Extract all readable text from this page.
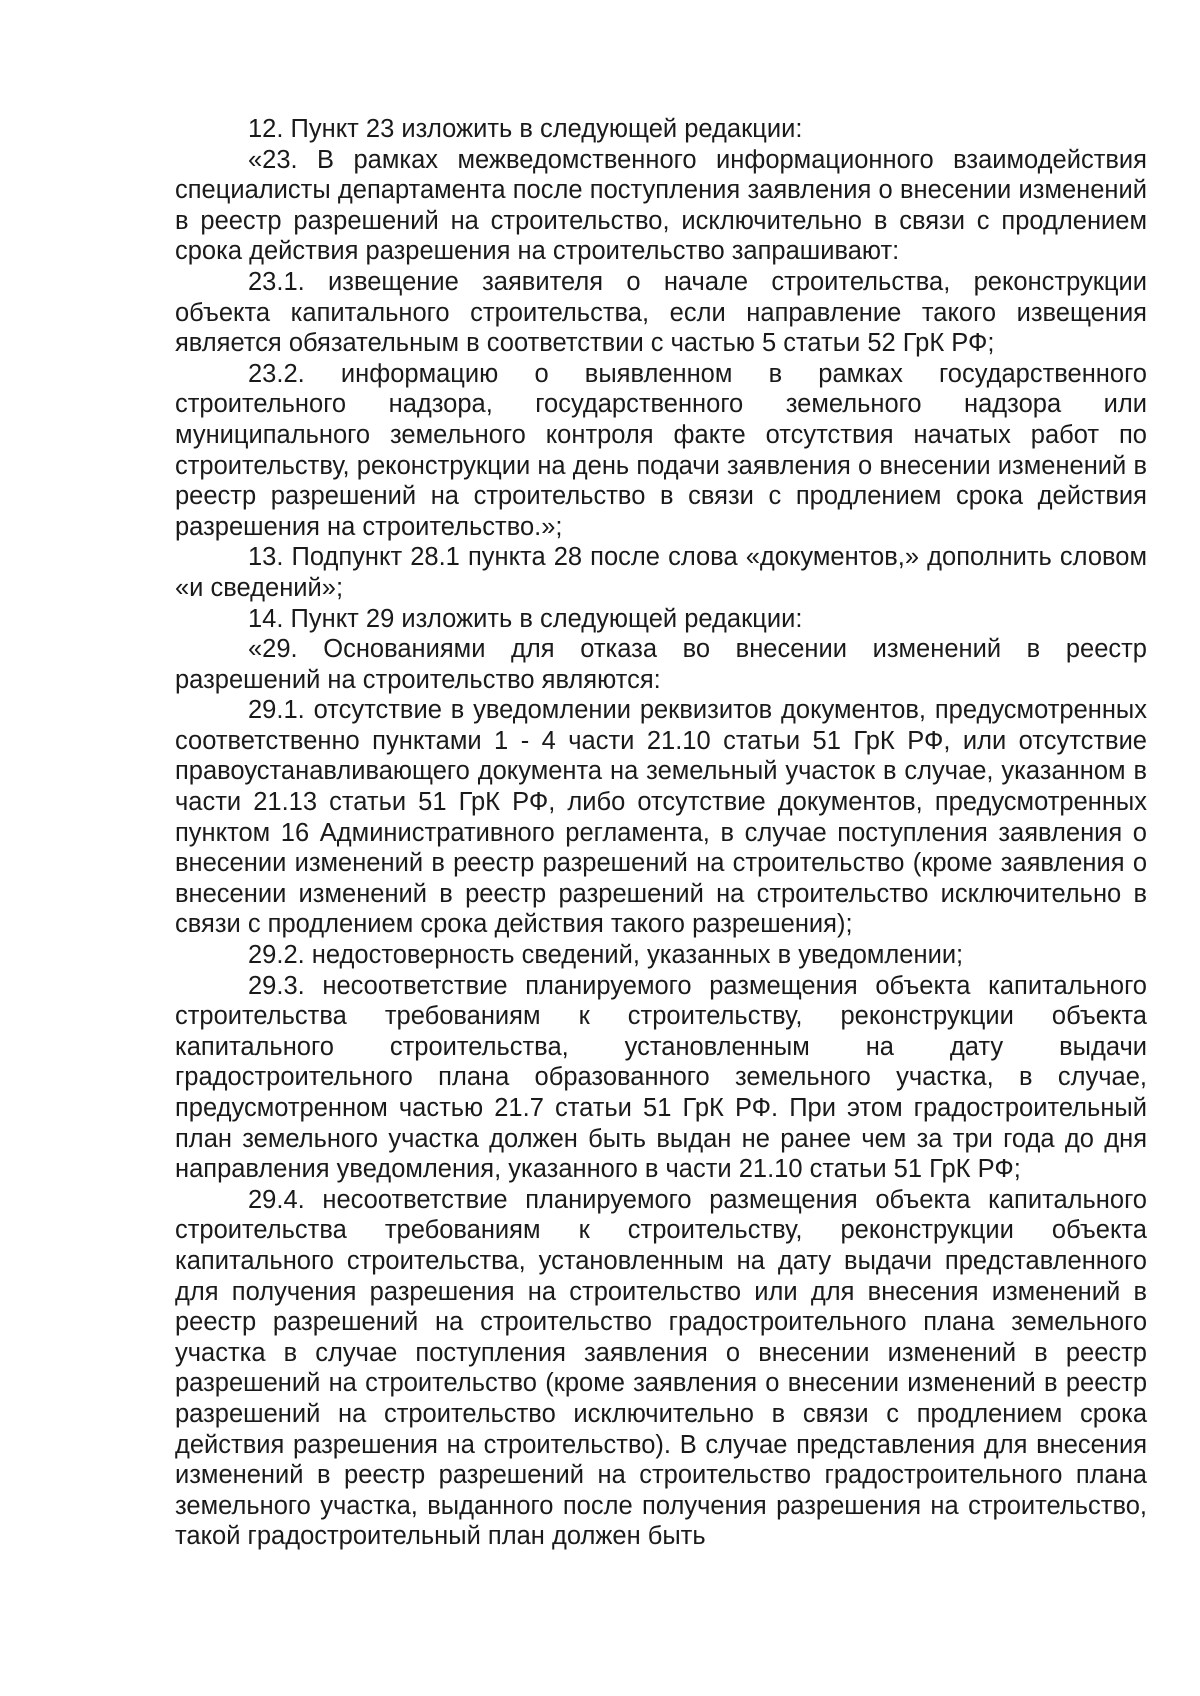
12. Пункт 23 изложить в следующей редакции:

«23. В рамках межведомственного информационного взаимодействия специалисты департамента после поступления заявления о внесении изменений в реестр разрешений на строительство, исключительно в связи с продлением срока действия разрешения на строительство запрашивают:

23.1. извещение заявителя о начале строительства, реконструкции объекта капитального строительства, если направление такого извещения является обязательным в соответствии с частью 5 статьи 52 ГрК РФ;

23.2. информацию о выявленном в рамках государственного строительного надзора, государственного земельного надзора или муниципального земельного контроля факте отсутствия начатых работ по строительству, реконструкции на день подачи заявления о внесении изменений в реестр разрешений на строительство в связи с продлением срока действия разрешения на строительство.»;

13. Подпункт 28.1 пункта 28 после слова «документов,» дополнить словом «и сведений»;

14. Пункт 29 изложить в следующей редакции:

«29. Основаниями для отказа во внесении изменений в реестр разрешений на строительство являются:

29.1. отсутствие в уведомлении реквизитов документов, предусмотренных соответственно пунктами 1 - 4 части 21.10 статьи 51 ГрК РФ, или отсутствие правоустанавливающего документа на земельный участок в случае, указанном в части 21.13 статьи 51 ГрК РФ, либо отсутствие документов, предусмотренных пунктом 16 Административного регламента, в случае поступления заявления о внесении изменений в реестр разрешений на строительство (кроме заявления о внесении изменений в реестр разрешений на строительство исключительно в связи с продлением срока действия такого разрешения);

29.2. недостоверность сведений, указанных в уведомлении;

29.3. несоответствие планируемого размещения объекта капитального строительства требованиям к строительству, реконструкции объекта капитального строительства, установленным на дату выдачи градостроительного плана образованного земельного участка, в случае, предусмотренном частью 21.7 статьи 51 ГрК РФ. При этом градостроительный план земельного участка должен быть выдан не ранее чем за три года до дня направления уведомления, указанного в части 21.10 статьи 51 ГрК РФ;

29.4. несоответствие планируемого размещения объекта капитального строительства требованиям к строительству, реконструкции объекта капитального строительства, установленным на дату выдачи представленного для получения разрешения на строительство или для внесения изменений в реестр разрешений на строительство градостроительного плана земельного участка в случае поступления заявления о внесении изменений в реестр разрешений на строительство (кроме заявления о внесении изменений в реестр разрешений на строительство исключительно в связи с продлением срока действия разрешения на строительство). В случае представления для внесения изменений в реестр разрешений на строительство градостроительного плана земельного участка, выданного после получения разрешения на строительство, такой градостроительный план должен быть
